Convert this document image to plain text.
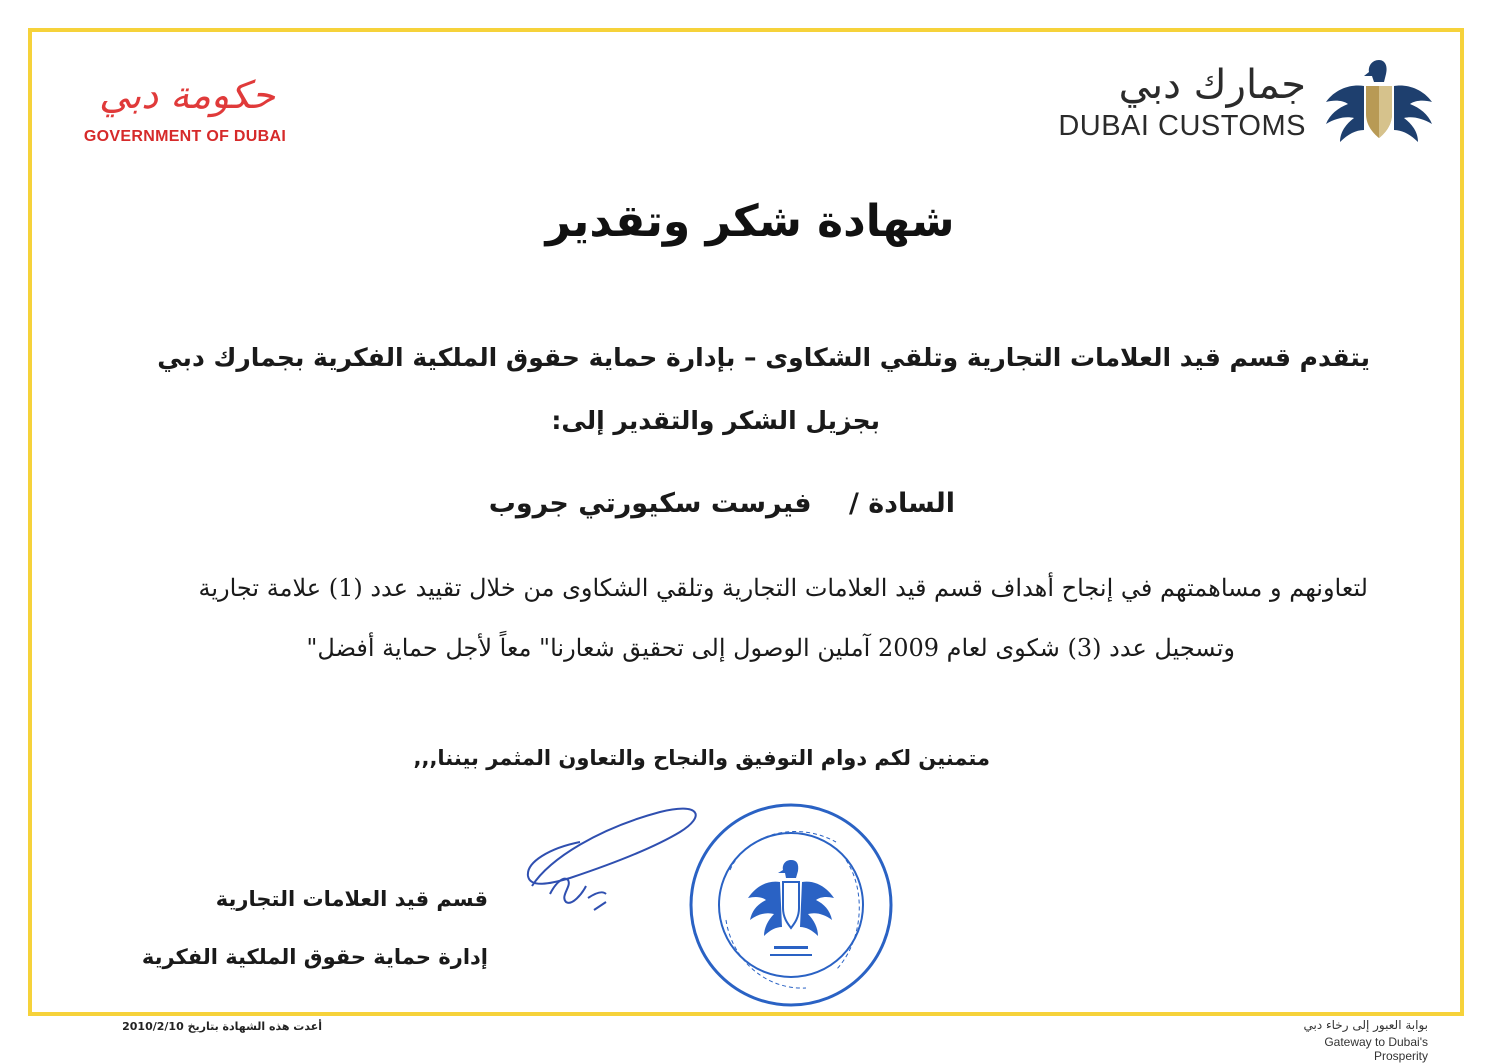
حكومة دبي
GOVERNMENT OF DUBAI
جمارك دبي
DUBAI CUSTOMS
شهادة شكر وتقدير
يتقدم قسم قيد العلامات التجارية وتلقي الشكاوى – بإدارة حماية حقوق الملكية الفكرية بجمارك دبي
بجزيل الشكر والتقدير إلى:
السادة / فيرست سكيورتي جروب
لتعاونهم و مساهمتهم في إنجاح أهداف قسم قيد العلامات التجارية وتلقي الشكاوى من خلال تقييد عدد (1) علامة تجارية
وتسجيل عدد (3) شكوى لعام 2009 آملين الوصول إلى تحقيق شعارنا" معاً لأجل حماية أفضل"
متمنين لكم دوام التوفيق والنجاح والتعاون المثمر بيننا,,,
قسم قيد العلامات التجارية
إدارة حماية حقوق الملكية الفكرية
أعدت هذه الشهادة بتاريخ 2010/2/10	بوابة العبور إلى رخاء دبي
Gateway to Dubai's Prosperity
